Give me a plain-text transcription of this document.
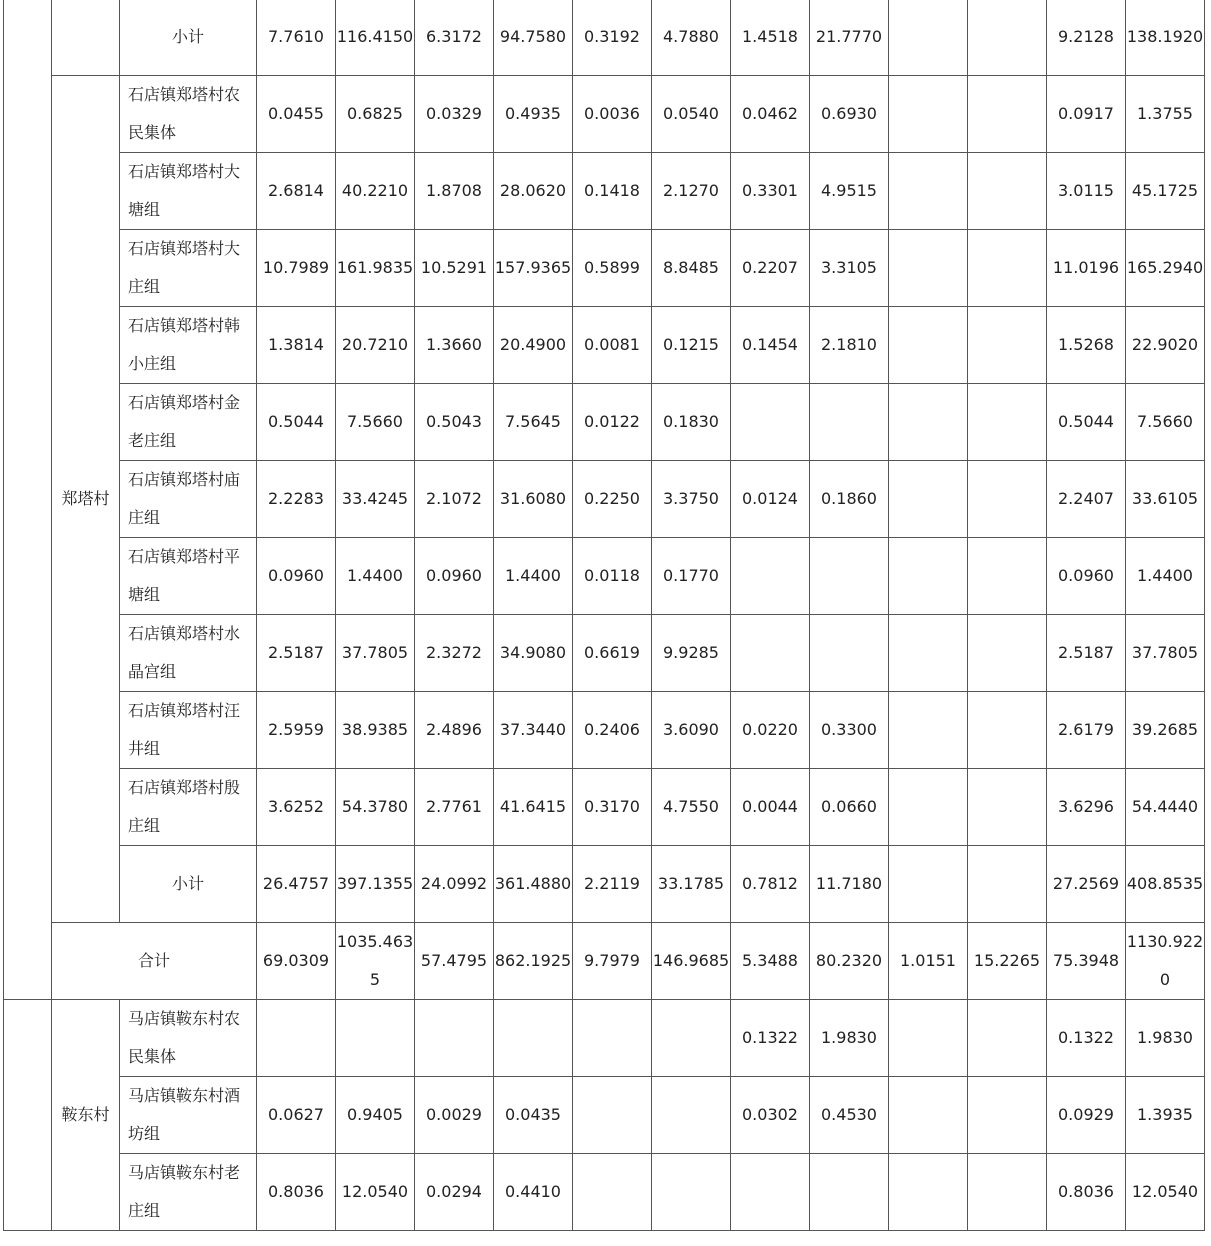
		小计	7.7610	116.4150	6.3172	94.7580	0.3192	4.7880	1.4518	21.7770			9.2128	138.1920
	郑塔村	石店镇郑塔村农民集体	0.0455	0.6825	0.0329	0.4935	0.0036	0.0540	0.0462	0.6930			0.0917	1.3755
		石店镇郑塔村大塘组	2.6814	40.2210	1.8708	28.0620	0.1418	2.1270	0.3301	4.9515			3.0115	45.1725
		石店镇郑塔村大庄组	10.7989	161.9835	10.5291	157.9365	0.5899	8.8485	0.2207	3.3105			11.0196	165.2940
		石店镇郑塔村韩小庄组	1.3814	20.7210	1.3660	20.4900	0.0081	0.1215	0.1454	2.1810			1.5268	22.9020
		石店镇郑塔村金老庄组	0.5044	7.5660	0.5043	7.5645	0.0122	0.1830					0.5044	7.5660
		石店镇郑塔村庙庄组	2.2283	33.4245	2.1072	31.6080	0.2250	3.3750	0.0124	0.1860			2.2407	33.6105
		石店镇郑塔村平塘组	0.0960	1.4400	0.0960	1.4400	0.0118	0.1770					0.0960	1.4400
		石店镇郑塔村水晶宫组	2.5187	37.7805	2.3272	34.9080	0.6619	9.9285					2.5187	37.7805
		石店镇郑塔村汪井组	2.5959	38.9385	2.4896	37.3440	0.2406	3.6090	0.0220	0.3300			2.6179	39.2685
		石店镇郑塔村殷庄组	3.6252	54.3780	2.7761	41.6415	0.3170	4.7550	0.0044	0.0660			3.6296	54.4440
		小计	26.4757	397.1355	24.0992	361.4880	2.2119	33.1785	0.7812	11.7180			27.2569	408.8535
	合计		69.0309	1035.4635	57.4795	862.1925	9.7979	146.9685	5.3488	80.2320	1.0151	15.2265	75.3948	1130.9220
	鞍东村	马店镇鞍东村农民集体							0.1322	1.9830			0.1322	1.9830
		马店镇鞍东村酒坊组	0.0627	0.9405	0.0029	0.0435			0.0302	0.4530			0.0929	1.3935
		马店镇鞍东村老庄组	0.8036	12.0540	0.0294	0.4410							0.8036	12.0540
